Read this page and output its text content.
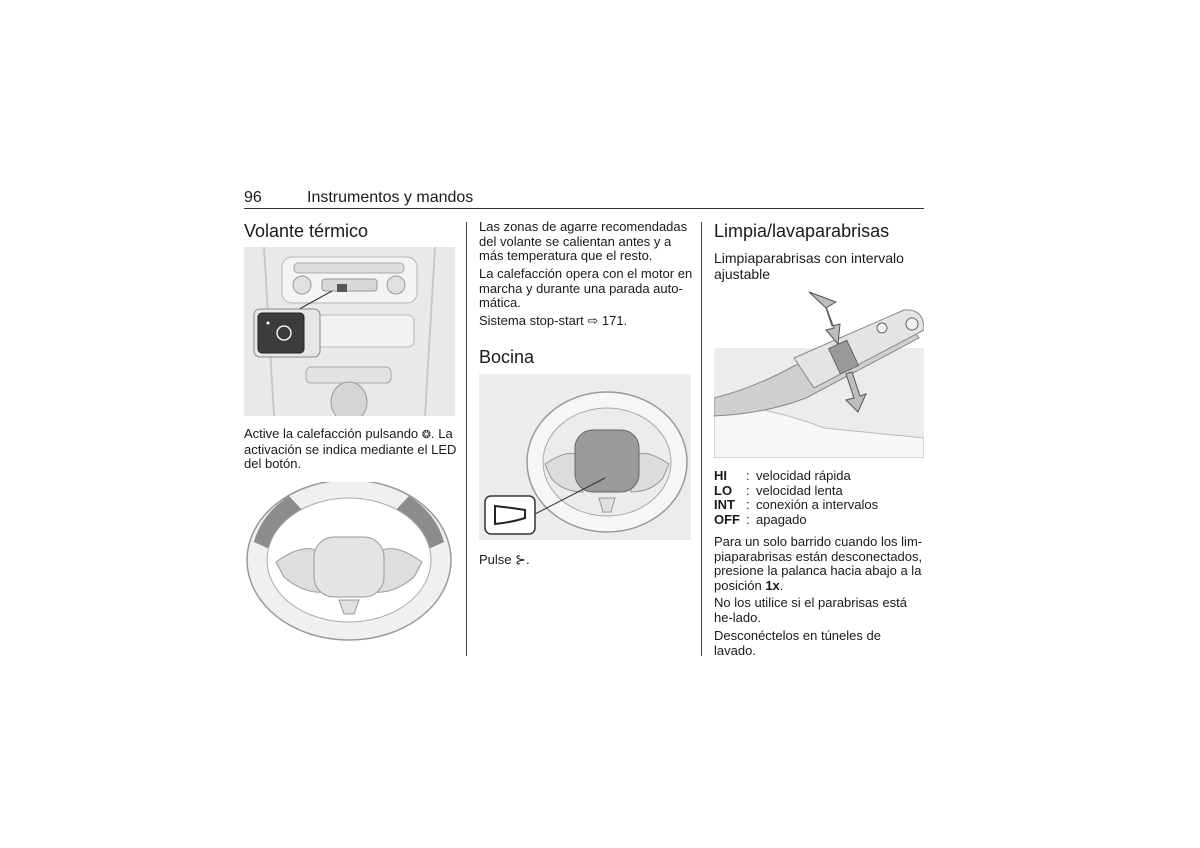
96	Instrumentos y mandos
Volante térmico

Active la calefacción pulsando ❂. La activación se indica mediante el LED del botón.

Las zonas de agarre recomendadas del volante se calientan antes y a más temperatura que el resto.

La calefacción opera con el motor en marcha y durante una parada auto-mática.

Sistema stop-start ⇨ 171.

Bocina

Pulse ⊱.

Limpia/lavaparabrisas
Limpiaparabrisas con intervalo ajustable
HI	: velocidad rápida
LO	: velocidad lenta
INT : conexión a intervalos
OFF : apagado

Para un solo barrido cuando los lim-piaparabrisas están desconectados, presione la palanca hacia abajo a la posición 1x.

No los utilice si el parabrisas está he-lado.

Desconéctelos en túneles de lavado.
